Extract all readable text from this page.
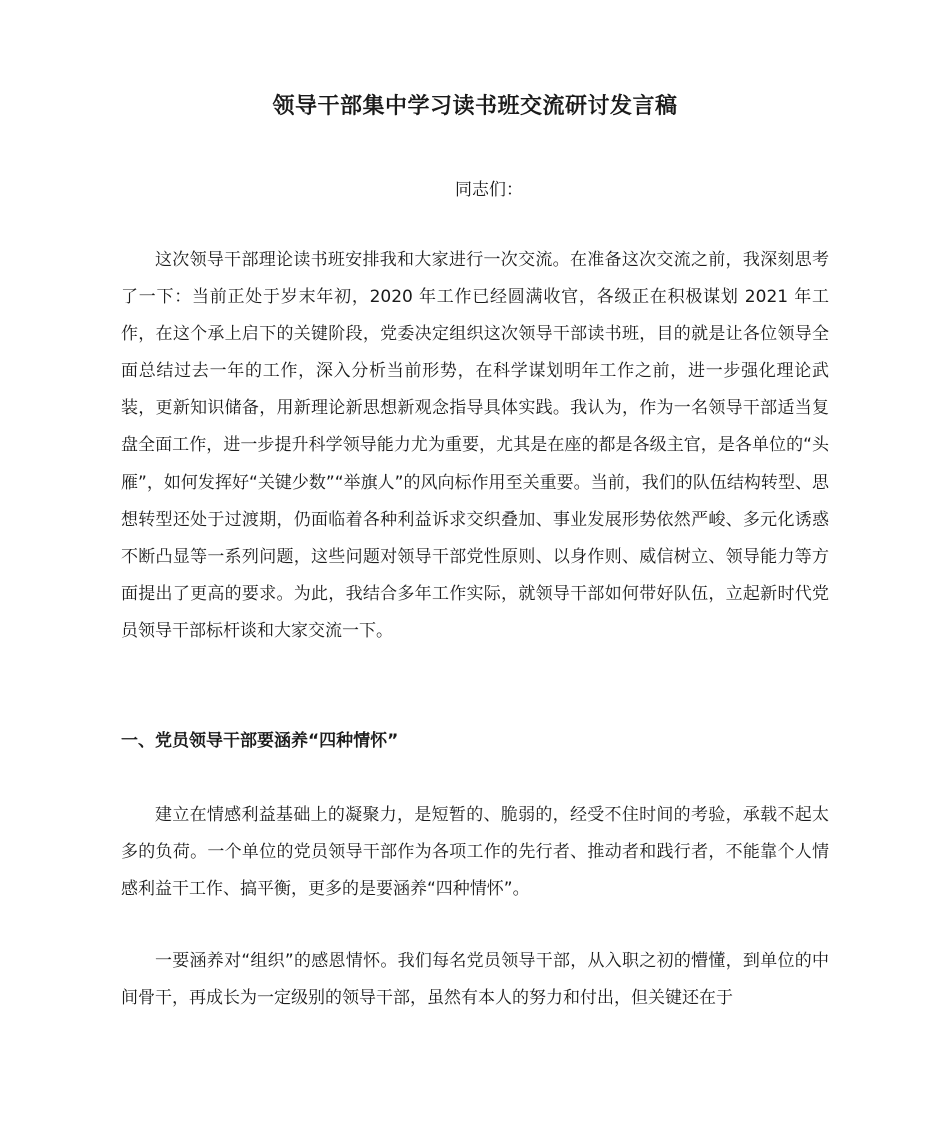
领导干部集中学习读书班交流研讨发言稿
同志们：

这次领导干部理论读书班安排我和大家进行一次交流。在准备这次交流之前，我深刻思考了一下：当前正处于岁末年初，2020 年工作已经圆满收官，各级正在积极谋划 2021 年工作，在这个承上启下的关键阶段，党委决定组织这次领导干部读书班，目的就是让各位领导全面总结过去一年的工作，深入分析当前形势，在科学谋划明年工作之前，进一步强化理论武装，更新知识储备，用新理论新思想新观念指导具体实践。我认为，作为一名领导干部适当复盘全面工作，进一步提升科学领导能力尤为重要，尤其是在座的都是各级主官，是各单位的“头雁”，如何发挥好“关键少数”“举旗人”的风向标作用至关重要。当前，我们的队伍结构转型、思想转型还处于过渡期，仍面临着各种利益诉求交织叠加、事业发展形势依然严峻、多元化诱惑不断凸显等一系列问题，这些问题对领导干部党性原则、以身作则、威信树立、领导能力等方面提出了更高的要求。为此，我结合多年工作实际，就领导干部如何带好队伍，立起新时代党员领导干部标杆谈和大家交流一下。

一、党员领导干部要涵养“四种情怀”

建立在情感利益基础上的凝聚力，是短暂的、脆弱的，经受不住时间的考验，承载不起太多的负荷。一个单位的党员领导干部作为各项工作的先行者、推动者和践行者，不能靠个人情感利益干工作、搞平衡，更多的是要涵养“四种情怀”。

一要涵养对“组织”的感恩情怀。我们每名党员领导干部，从入职之初的懵懂，到单位的中间骨干，再成长为一定级别的领导干部，虽然有本人的努力和付出，但关键还在于
